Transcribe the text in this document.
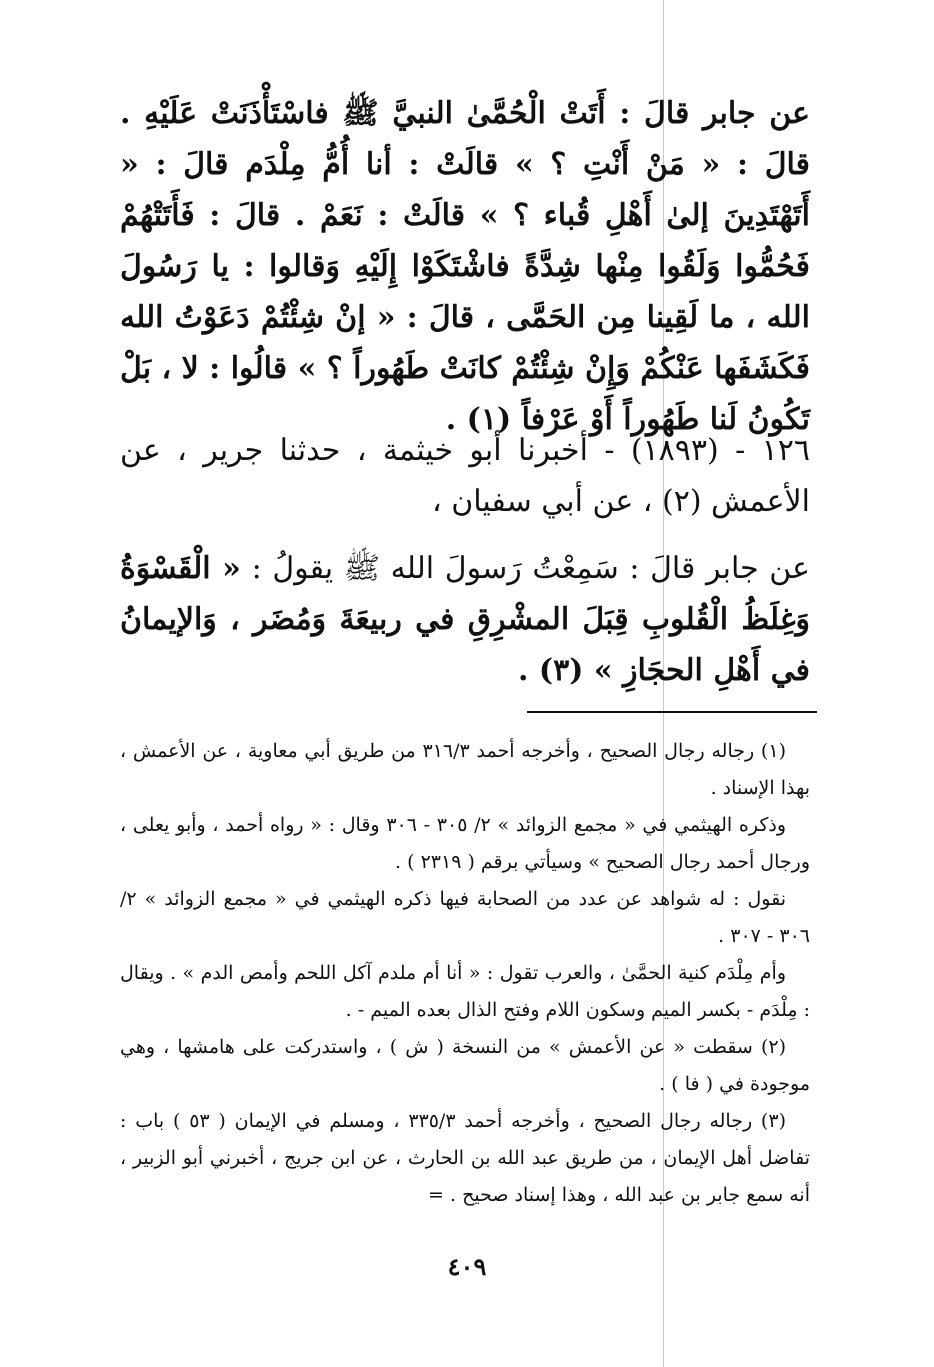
عن جابر قالَ : أَتَتْ الْحُمَّىٰ النبيَّ ﷺ فاسْتَأْذَنَتْ عَلَيْهِ . قالَ : « مَنْ أَنْتِ ؟ » قالَتْ : أنا أُمُّ مِلْدَم قالَ : « أَتَهْتَدِينَ إلىٰ أَهْلِ قُباء ؟ » قالَتْ : نَعَمْ . قالَ : فَأَتَتْهُمْ فَحُمُّوا وَلَقُوا مِنْها شِدَّةً فاشْتَكَوْا إِلَيْهِ وَقالوا : يا رَسُولَ الله ، ما لَقِينا مِن الحَمَّى ، قالَ : « إنْ شِئْتُمْ دَعَوْتُ الله فَكَشَفَها عَنْكُمْ وَإِنْ شِئْتُمْ كانَتْ طَهُوراً ؟ » قالُوا : لا ، بَلْ تَكُونُ لَنا طَهُوراً أَوْ عَرْفاً (١) .
١٢٦ - (١٨٩٣) - أخبرنا أبو خيثمة ، حدثنا جرير ، عن الأعمش (٢) ، عن أبي سفيان ،
عن جابر قالَ : سَمِعْتُ رَسولَ الله ﷺ يقولُ : « الْقَسْوَةُ وَغِلَظُ الْقُلوبِ قِبَلَ المشْرِقِ في ربيعَةَ وَمُضَر ، وَالإيمانُ في أَهْلِ الحجَازِ » (٣) .

(١) رجاله رجال الصحيح ، وأخرجه أحمد ٣١٦/٣ من طريق أبي معاوية ، عن الأعمش ، بهذا الإسناد .

وذكره الهيثمي في « مجمع الزوائد » ٢/ ٣٠٥ - ٣٠٦ وقال : « رواه أحمد ، وأبو يعلى ، ورجال أحمد رجال الصحيح » وسيأتي برقم ( ٢٣١٩ ) .

نقول : له شواهد عن عدد من الصحابة فيها ذكره الهيثمي في « مجمع الزوائد » ٢/ ٣٠٦ - ٣٠٧ .

وأم مِلْدَم كنية الحمَّىٰ ، والعرب تقول : « أنا أم ملدم آكل اللحم وأمص الدم » . ويقال : مِلْدَم - بكسر الميم وسكون اللام وفتح الذال بعده الميم - .

(٢) سقطت « عن الأعمش » من النسخة ( ش ) ، واستدركت على هامشها ، وهي موجودة في ( فا ) .

(٣) رجاله رجال الصحيح ، وأخرجه أحمد ٣٣٥/٣ ، ومسلم في الإيمان ( ٥٣ ) باب : تفاضل أهل الإيمان ، من طريق عبد الله بن الحارث ، عن ابن جريج ، أخبرني أبو الزبير ، أنه سمع جابر بن عبد الله ، وهذا إسناد صحيح . =

٤٠٩
